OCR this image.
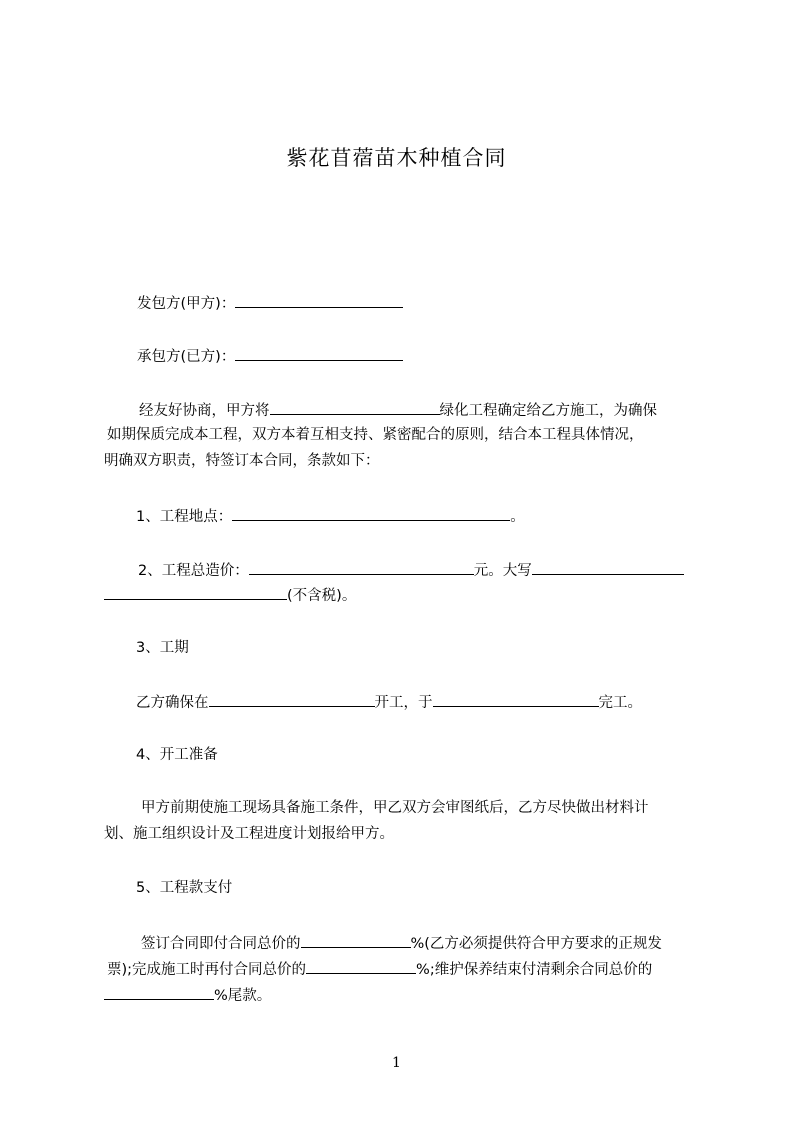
紫花苜蓿苗木种植合同
发包方(甲方)：
承包方(已方)：
经友好协商，甲方将	绿化工程确定给乙方施工，为确保
如期保质完成本工程，双方本着互相支持、紧密配合的原则，结合本工程具体情况，
明确双方职责，特签订本合同，条款如下：
1、工程地点：	。
2、工程总造价：	元。大写
(不含税)。
3、工期
乙方确保在	开工，于	完工。
4、开工准备
甲方前期使施工现场具备施工条件，甲乙双方会审图纸后，乙方尽快做出材料计
划、施工组织设计及工程进度计划报给甲方。
5、工程款支付
签订合同即付合同总价的	%(乙方必须提供符合甲方要求的正规发
票);完成施工时再付合同总价的	%;维护保养结束付清剩余合同总价的
%尾款。
1
